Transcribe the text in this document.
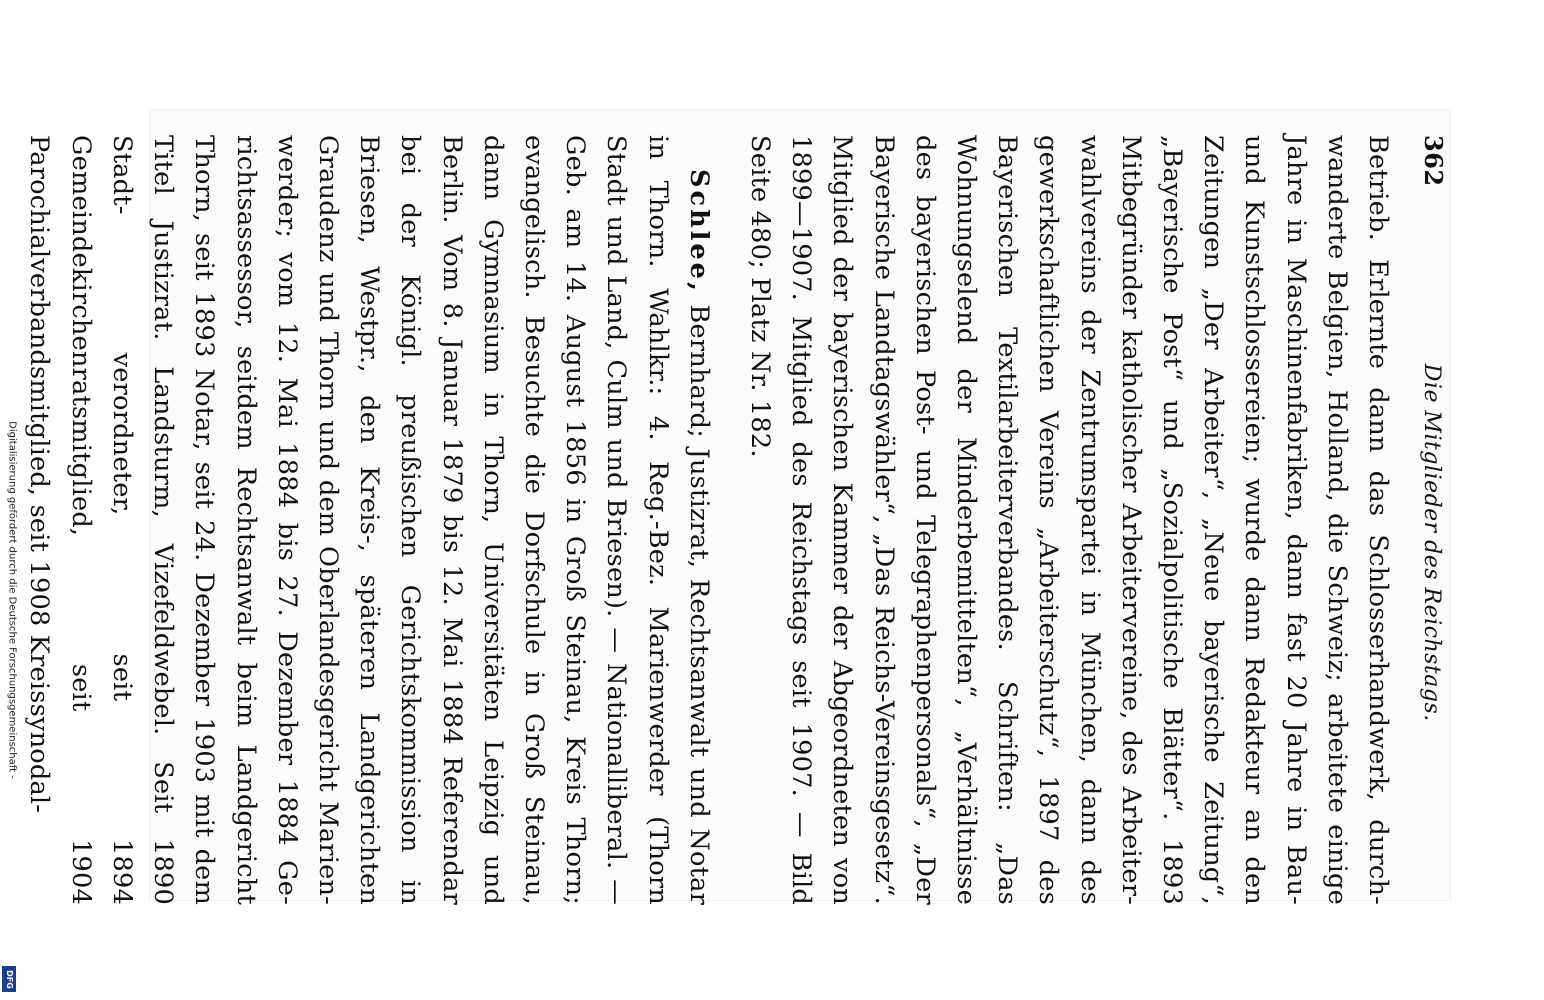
Digitalisierung gefördert durch die Deutsche Forschungsgemeinschaft -
DFG
362
Die Mitglieder des Reichstags.

Betrieb. Erlernte dann das Schlosserhandwerk, durch- wanderte Belgien, Holland, die Schweiz; arbeitete einige Jahre in Maschinenfabriken, dann fast 20 Jahre in Bau- und Kunstschlossereien; wurde dann Redakteur an den Zeitungen „Der Arbeiter“, „Neue bayerische Zeitung“, „Bayerische Post“ und „Sozialpolitische Blätter“. 1893 Mitbegründer katholischer Arbeitervereine, des Arbeiter- wahlvereins der Zentrumspartei in München, dann des gewerkschaftlichen Vereins „Arbeiterschutz“, 1897 des Bayerischen Textilarbeiterverbandes. Schriften: „Das Wohnungselend der Minderbemittelten“, „Verhältnisse des bayerischen Post- und Telegraphenpersonals“, „Der Bayerische Landtagswähler“, „Das Reichs-Vereinsgesetz“. Mitglied der bayerischen Kammer der Abgeordneten von 1899—1907. Mitglied des Reichstags seit 1907. — Bild Seite 480; Platz Nr. 182.

Schlee, Bernhard; Justizrat, Rechtsanwalt und Notar in Thorn. Wahlkr.: 4. Reg.-Bez. Marienwerder (Thorn Stadt und Land, Culm und Briesen). — Nationalliberal. — Geb. am 14. August 1856 in Groß Steinau, Kreis Thorn; evangelisch. Besuchte die Dorfschule in Groß Steinau, dann Gymnasium in Thorn, Universitäten Leipzig und Berlin. Vom 8. Januar 1879 bis 12. Mai 1884 Referendar bei der Königl. preußischen Gerichtskommission in Briesen, Westpr., den Kreis-, späteren Landgerichten Graudenz und Thorn und dem Oberlandesgericht Marien- werder; vom 12. Mai 1884 bis 27. Dezember 1884 Ge- richtsassessor, seitdem Rechtsanwalt beim Landgericht Thorn, seit 1893 Notar, seit 24. Dezember 1903 mit dem Titel Justizrat. Landsturm, Vizefeldwebel. Seit 1890 Stadt- verordneter, seit 1894 Gemeindekirchenratsmitglied, seit 1904 Parochialverbandsmitglied, seit 1908 Kreissynodal-
